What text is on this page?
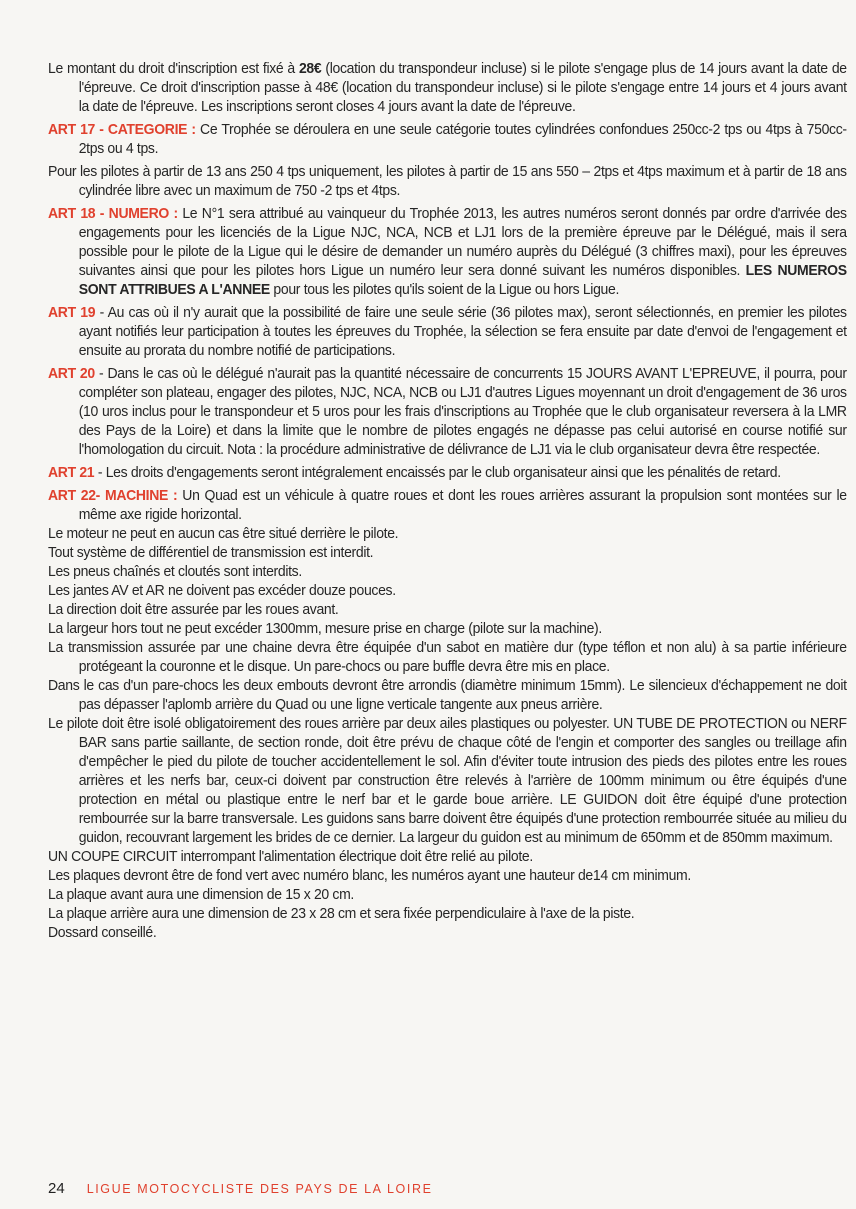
Le montant du droit d'inscription est fixé à 28€ (location du transpondeur incluse) si le pilote s'engage plus de 14 jours avant la date de l'épreuve. Ce droit d'inscription passe à 48€ (location du transpondeur incluse) si le pilote s'engage entre 14 jours et 4 jours avant la date de l'épreuve. Les inscriptions seront closes 4 jours avant la date de l'épreuve.

ART 17 - CATEGORIE : Ce Trophée se déroulera en une seule catégorie toutes cylindrées confondues 250cc-2 tps ou 4tps à 750cc-2tps ou 4 tps.

Pour les pilotes à partir de 13 ans 250 4 tps uniquement, les pilotes à partir de 15 ans 550 – 2tps et 4tps maximum et à partir de 18 ans cylindrée libre avec un maximum de 750 -2 tps et 4tps.

ART 18 - NUMERO : Le N°1 sera attribué au vainqueur du Trophée 2013, les autres numéros seront donnés par ordre d'arrivée des engagements pour les licenciés de la Ligue NJC, NCA, NCB et LJ1 lors de la première épreuve par le Délégué, mais il sera possible pour le pilote de la Ligue qui le désire de demander un numéro auprès du Délégué (3 chiffres maxi), pour les épreuves suivantes ainsi que pour les pilotes hors Ligue un numéro leur sera donné suivant les numéros disponibles. LES NUMEROS SONT ATTRIBUES A L'ANNEE pour tous les pilotes qu'ils soient de la Ligue ou hors Ligue.

ART 19 - Au cas où il n'y aurait que la possibilité de faire une seule série (36 pilotes max), seront sélectionnés, en premier les pilotes ayant notifiés leur participation à toutes les épreuves du Trophée, la sélection se fera ensuite par date d'envoi de l'engagement et ensuite au prorata du nombre notifié de participations.

ART 20 - Dans le cas où le délégué n'aurait pas la quantité nécessaire de concurrents 15 JOURS AVANT L'EPREUVE, il pourra, pour compléter son plateau, engager des pilotes, NJC, NCA, NCB ou LJ1 d'autres Ligues moyennant un droit d'engagement de 36 uros (10 uros inclus pour le transpondeur et 5 uros pour les frais d'inscriptions au Trophée que le club organisateur reversera à la LMR des Pays de la Loire) et dans la limite que le nombre de pilotes engagés ne dépasse pas celui autorisé en course notifié sur l'homologation du circuit. Nota : la procédure administrative de délivrance de LJ1 via le club organisateur devra être respectée.

ART 21 - Les droits d'engagements seront intégralement encaissés par le club organisateur ainsi que les pénalités de retard.

ART 22- MACHINE : Un Quad est un véhicule à quatre roues et dont les roues arrières assurant la propulsion sont montées sur le même axe rigide horizontal.

Le moteur ne peut en aucun cas être situé derrière le pilote.

Tout système de différentiel de transmission est interdit.

Les pneus chaînés et cloutés sont interdits.

Les jantes AV et AR ne doivent pas excéder douze pouces.

La direction doit être assurée par les roues avant.

La largeur hors tout ne peut excéder 1300mm, mesure prise en charge (pilote sur la machine).

La transmission assurée par une chaine devra être équipée d'un sabot en matière dur (type téflon et non alu) à sa partie inférieure protégeant la couronne et le disque. Un pare-chocs ou pare buffle devra être mis en place.

Dans le cas d'un pare-chocs les deux embouts devront être arrondis (diamètre minimum 15mm). Le silencieux d'échappement ne doit pas dépasser l'aplomb arrière du Quad ou une ligne verticale tangente aux pneus arrière.

Le pilote doit être isolé obligatoirement des roues arrière par deux ailes plastiques ou polyester. UN TUBE DE PROTECTION ou NERF BAR sans partie saillante, de section ronde, doit être prévu de chaque côté de l'engin et comporter des sangles ou treillage afin d'empêcher le pied du pilote de toucher accidentellement le sol. Afin d'éviter toute intrusion des pieds des pilotes entre les roues arrières et les nerfs bar, ceux-ci doivent par construction être relevés à l'arrière de 100mm minimum ou être équipés d'une protection en métal ou plastique entre le nerf bar et le garde boue arrière. LE GUIDON doit être équipé d'une protection rembourrée sur la barre transversale. Les guidons sans barre doivent être équipés d'une protection rembourrée située au milieu du guidon, recouvrant largement les brides de ce dernier. La largeur du guidon est au minimum de 650mm et de 850mm maximum.

UN COUPE CIRCUIT interrompant l'alimentation électrique doit être relié au pilote.

Les plaques devront être de fond vert avec numéro blanc, les numéros ayant une hauteur de14 cm minimum.

La plaque avant aura une dimension de 15 x 20 cm.

La plaque arrière aura une dimension de 23 x 28 cm et sera fixée perpendiculaire à l'axe de la piste.

Dossard conseillé.

24 LIGUE MOTOCYCLISTE DES PAYS DE LA LOIRE
